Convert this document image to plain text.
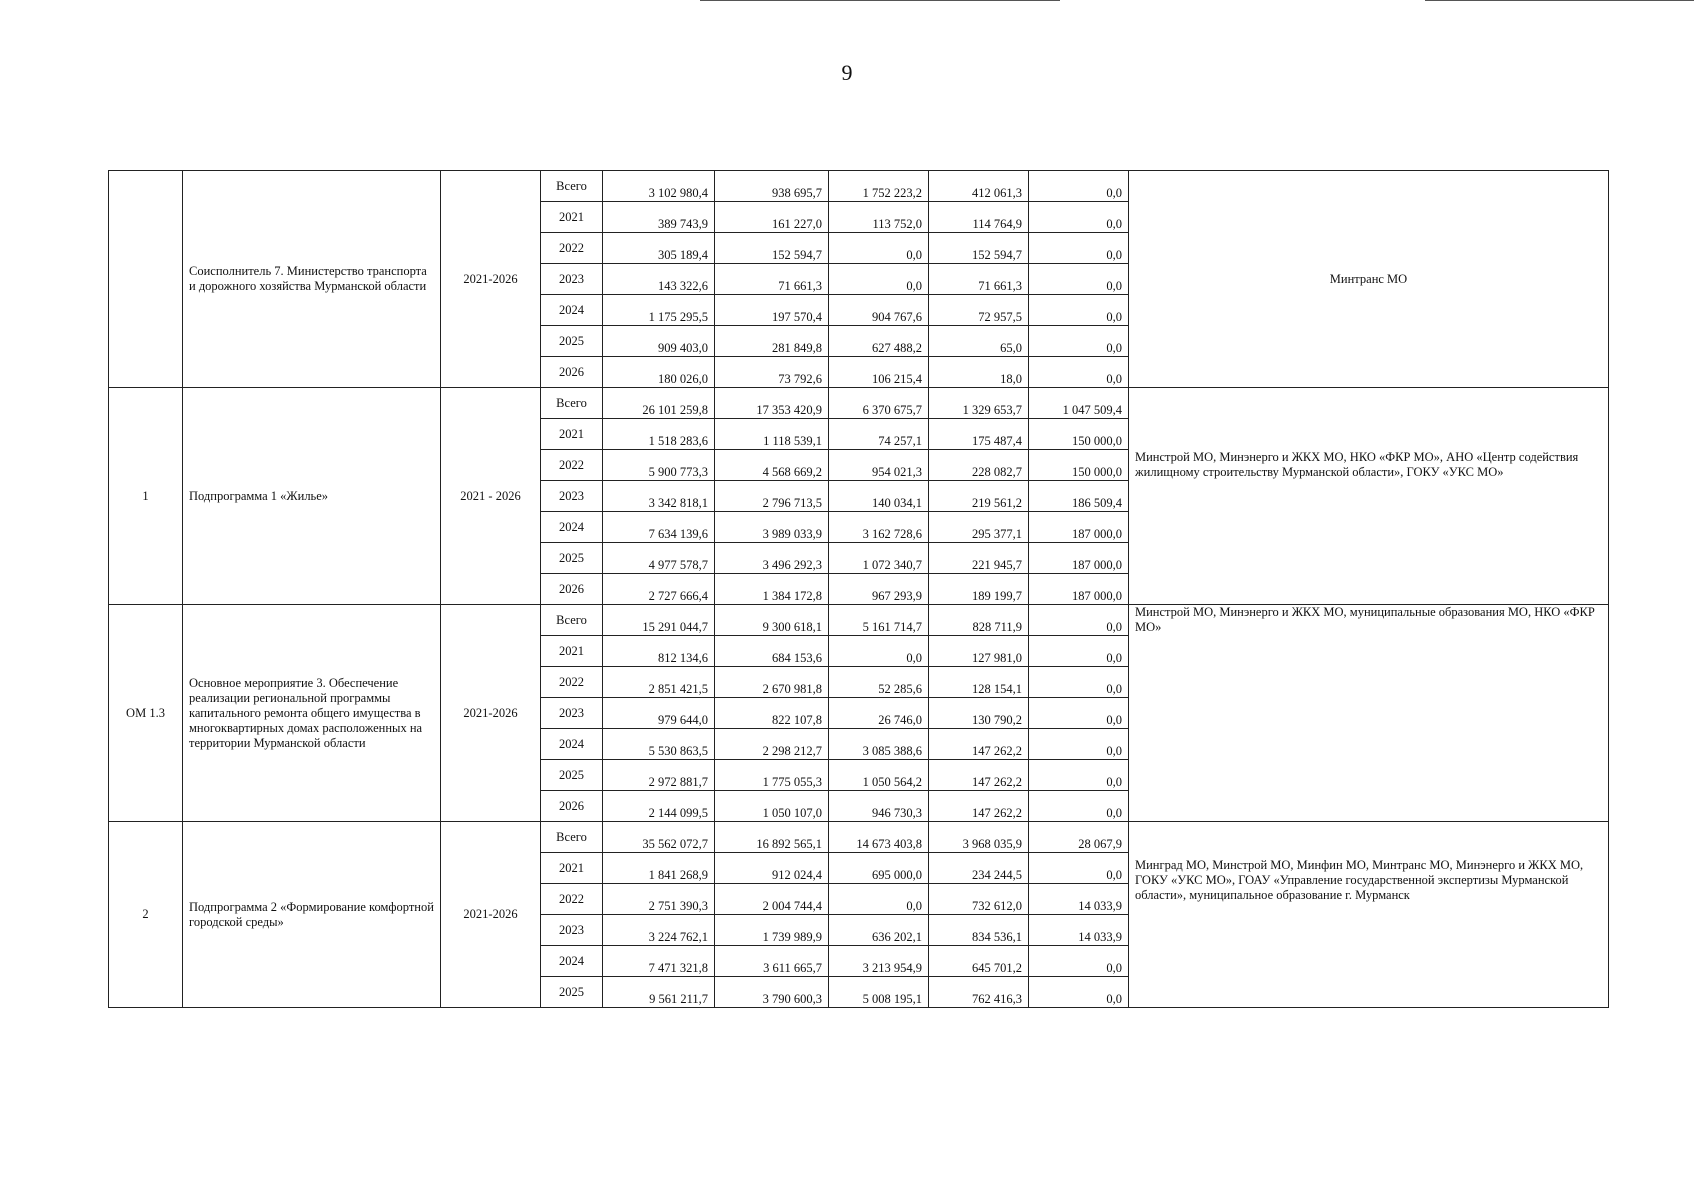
9
	Соисполнитель 7. Министерство транспорта и дорожного хозяйства Мурманской области	2021-2026	Всего	3 102 980,4	938 695,7	1 752 223,2	412 061,3	0,0	Минтранс МО
			2021	389 743,9	161 227,0	113 752,0	114 764,9	0,0	
			2022	305 189,4	152 594,7	0,0	152 594,7	0,0	
			2023	143 322,6	71 661,3	0,0	71 661,3	0,0	
			2024	1 175 295,5	197 570,4	904 767,6	72 957,5	0,0	
			2025	909 403,0	281 849,8	627 488,2	65,0	0,0	
			2026	180 026,0	73 792,6	106 215,4	18,0	0,0	
1	Подпрограмма 1 «Жилье»	2021 - 2026	Всего	26 101 259,8	17 353 420,9	6 370 675,7	1 329 653,7	1 047 509,4	Минстрой МО, Минэнерго и ЖКХ МО, НКО «ФКР МО», АНО «Центр содействия жилищному строительству Мурманской области», ГОКУ «УКС МО»
			2021	1 518 283,6	1 118 539,1	74 257,1	175 487,4	150 000,0	
			2022	5 900 773,3	4 568 669,2	954 021,3	228 082,7	150 000,0	
			2023	3 342 818,1	2 796 713,5	140 034,1	219 561,2	186 509,4	
			2024	7 634 139,6	3 989 033,9	3 162 728,6	295 377,1	187 000,0	
			2025	4 977 578,7	3 496 292,3	1 072 340,7	221 945,7	187 000,0	
			2026	2 727 666,4	1 384 172,8	967 293,9	189 199,7	187 000,0	
ОМ 1.3	Основное мероприятие 3. Обеспечение реализации региональной программы капитального ремонта общего имущества в многоквартирных домах расположенных на территории Мурманской области	2021-2026	Всего	15 291 044,7	9 300 618,1	5 161 714,7	828 711,9	0,0	Минстрой МО, Минэнерго и ЖКХ МО, муниципальные образования МО, НКО «ФКР МО»
			2021	812 134,6	684 153,6	0,0	127 981,0	0,0	
			2022	2 851 421,5	2 670 981,8	52 285,6	128 154,1	0,0	
			2023	979 644,0	822 107,8	26 746,0	130 790,2	0,0	
			2024	5 530 863,5	2 298 212,7	3 085 388,6	147 262,2	0,0	
			2025	2 972 881,7	1 775 055,3	1 050 564,2	147 262,2	0,0	
			2026	2 144 099,5	1 050 107,0	946 730,3	147 262,2	0,0	
2	Подпрограмма 2 «Формирование комфортной городской среды»	2021-2026	Всего	35 562 072,7	16 892 565,1	14 673 403,8	3 968 035,9	28 067,9	Минград МО, Минстрой МО, Минфин МО, Минтранс МО, Минэнерго и ЖКХ МО, ГОКУ «УКС МО», ГОАУ «Управление государственной экспертизы Мурманской области», муниципальное образование г. Мурманск
			2021	1 841 268,9	912 024,4	695 000,0	234 244,5	0,0	
			2022	2 751 390,3	2 004 744,4	0,0	732 612,0	14 033,9	
			2023	3 224 762,1	1 739 989,9	636 202,1	834 536,1	14 033,9	
			2024	7 471 321,8	3 611 665,7	3 213 954,9	645 701,2	0,0	
			2025	9 561 211,7	3 790 600,3	5 008 195,1	762 416,3	0,0	
